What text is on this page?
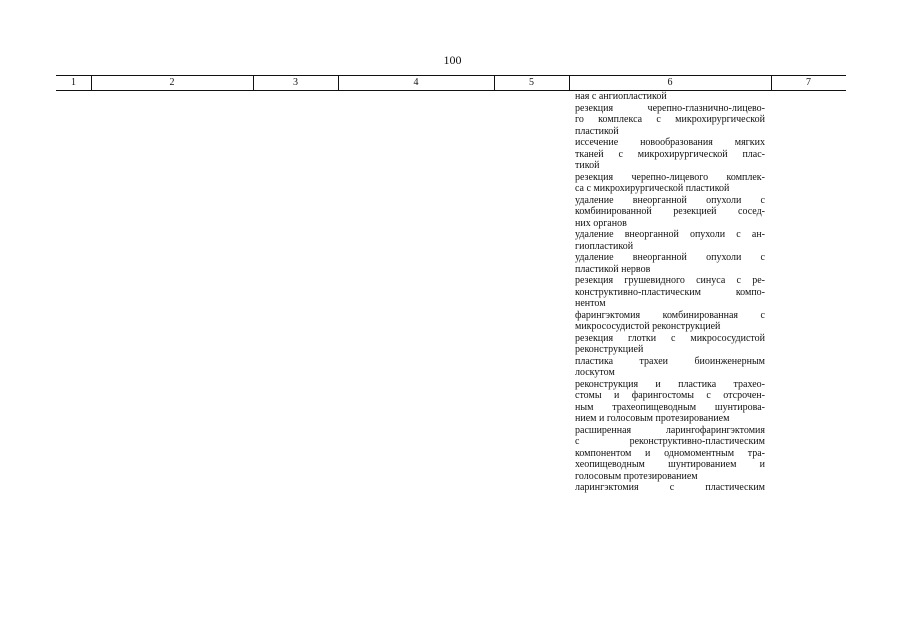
100
1	2	3	4	5	6	7
ная с ангиопластикой
резекция черепно-глазнично-лицево-
го комплекса с микрохирургической
пластикой
иссечение новообразования мягких
тканей с микрохирургической плас-
тикой
резекция черепно-лицевого комплек-
са с микрохирургической пластикой
удаление внеорганной опухоли с
комбинированной резекцией сосед-
них органов
удаление внеорганной опухоли с ан-
гиопластикой
удаление внеорганной опухоли с
пластикой нервов
резекция грушевидного синуса с ре-
конструктивно-пластическим компо-
нентом
фарингэктомия комбинированная с
микрососудистой реконструкцией
резекция глотки с микрососудистой
реконструкцией
пластика трахеи биоинженерным
лоскутом
реконструкция и пластика трахео-
стомы и фарингостомы с отсрочен-
ным трахеопищеводным шунтирова-
нием и голосовым протезированием
расширенная ларингофарингэктомия
с реконструктивно-пластическим
компонентом и одномоментным тра-
хеопищеводным шунтированием и
голосовым протезированием
ларингэктомия с пластическим
